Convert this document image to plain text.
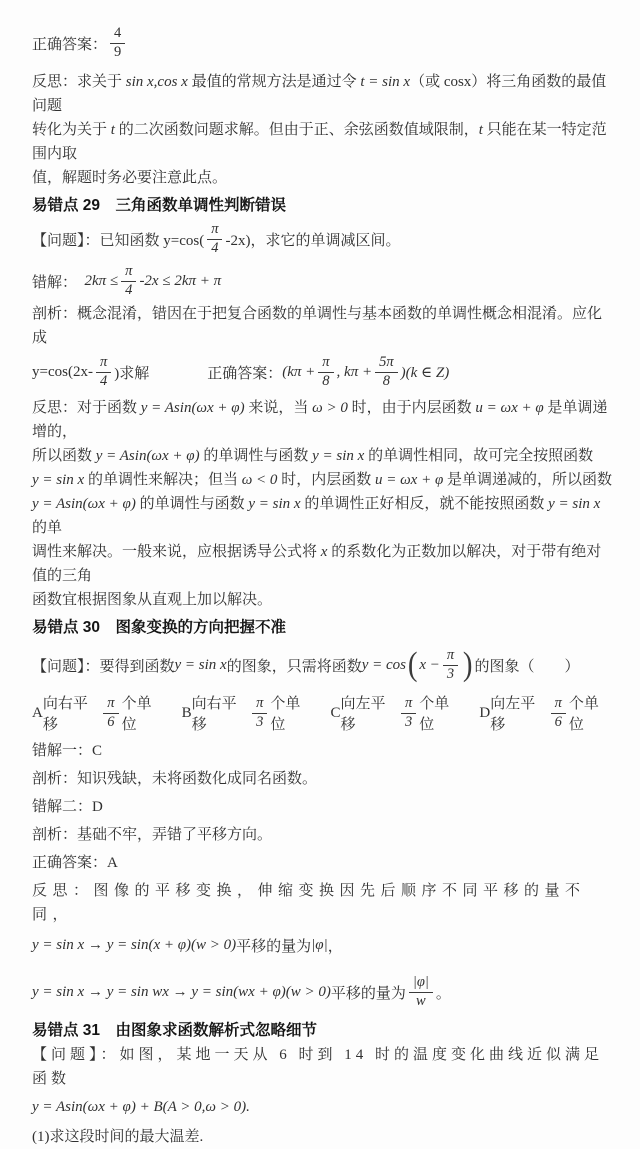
正确答案： $\frac{4}{9}$
反思：求关于 sin x,cos x 最值的常规方法是通过令 t = sin x（或 cosx）将三角函数的最值问题
转化为关于 t 的二次函数问题求解。但由于正、余弦函数值域限制，t 只能在某一特定范围内取
值，解题时务必要注意此点。
易错点 29　三角函数单调性判断错误
【问题】：已知函数 $y=\cos( \frac{\pi}{4} -2x)$，求它的单调减区间。
错解：　 $2k\pi \le \frac{\pi}{4} -2x \le 2k\pi + \pi$
剖析：概念混淆，错因在于把复合函数的单调性与基本函数的单调性概念相混淆。应化成
$y=\cos(2x- \frac{\pi}{4}$ )求解	正确答案： ($k\pi + \frac{\pi}{8}$ , $k\pi + \frac{5\pi}{8} )(k$ ∈ Z)
反思：对于函数 y = Asin(ωx + φ) 来说，当 ω > 0 时，由于内层函数 u = ωx + φ 是单调递增的，
所以函数 y = Asin(ωx + φ) 的单调性与函数 y = sin x 的单调性相同，故可完全按照函数
y = sin x 的单调性来解决；但当 ω < 0 时，内层函数 u = ωx + φ 是单调递减的，所以函数
y = Asin(ωx + φ) 的单调性与函数 y = sin x 的单调性正好相反，就不能按照函数 y = sin x 的单
调性来解决。一般来说，应根据诱导公式将 x 的系数化为正数加以解决，对于带有绝对值的三角
函数宜根据图象从直观上加以解决。
易错点 30　图象变换的方向把握不准
【问题】：要得到函数 y = sin x 的图象，只需将函数 y = cos ( $x - \frac{\pi}{3}$ ) 的图象（　　）
A
向右平移	$\frac{\pi}{6}$ 个单位
B
向右平移	$\frac{\pi}{3}$ 个单位
C
向左平移	$\frac{\pi}{3}$ 个单位
D
向左平移	$\frac{\pi}{6}$ 个单位
错解一：C
剖析：知识残缺，未将函数化成同名函数。
错解二：D
剖析：基础不牢，弄错了平移方向。
正确答案：A
反思：图像的平移变换，伸缩变换因先后顺序不同平移的量不同，
y = sin x → y = sin(x + φ)(w > 0) 平移的量为 |φ| ，
y = sin x → y = sin wx → y = sin(wx + φ)(w > 0) 平移的量为 $\frac{|\varphi|}{w}$ 。
易错点 31　由图象求函数解析式忽略细节
【问题】：如图，某地一天从 6 时到 14 时的温度变化曲线近似满足函数
y = Asin(ωx + φ) + B(A > 0,ω > 0).
(1)求这段时间的最大温差.
